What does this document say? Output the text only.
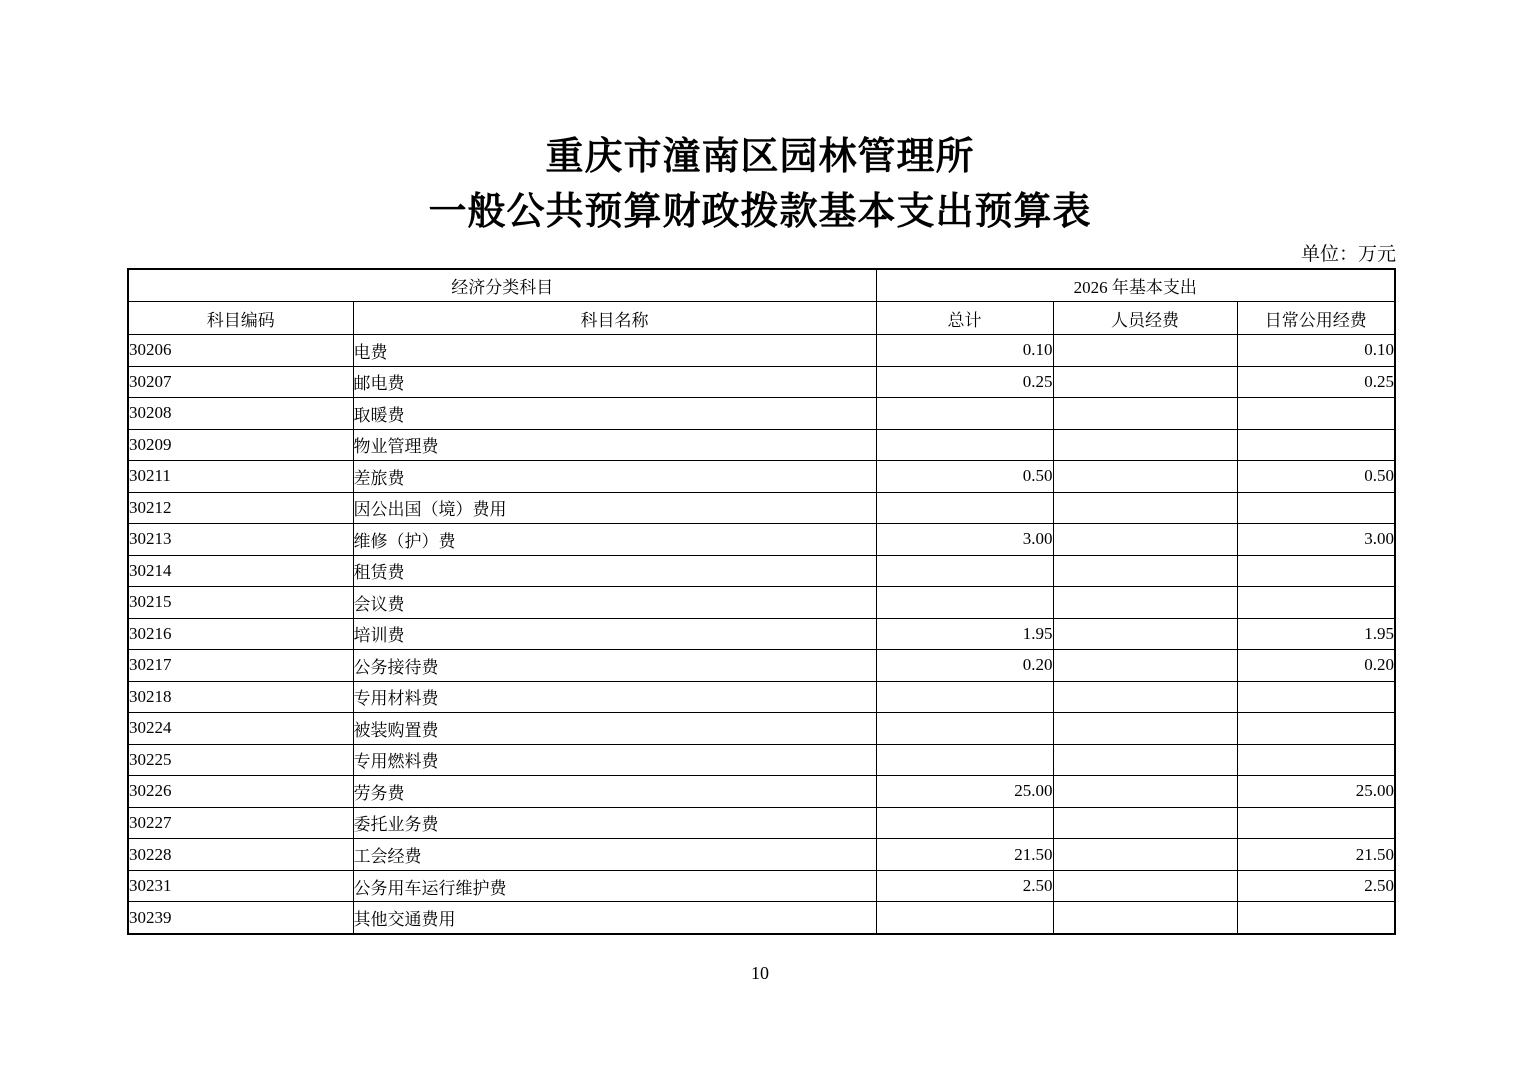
重庆市潼南区园林管理所
一般公共预算财政拨款基本支出预算表
单位：万元
经济分类科目		2026 年基本支出		
科目编码	科目名称	总计	人员经费	日常公用经费
30206	电费	0.10		0.10
30207	邮电费	0.25		0.25
30208	取暖费			
30209	物业管理费			
30211	差旅费	0.50		0.50
30212	因公出国（境）费用			
30213	维修（护）费	3.00		3.00
30214	租赁费			
30215	会议费			
30216	培训费	1.95		1.95
30217	公务接待费	0.20		0.20
30218	专用材料费			
30224	被装购置费			
30225	专用燃料费			
30226	劳务费	25.00		25.00
30227	委托业务费			
30228	工会经费	21.50		21.50
30231	公务用车运行维护费	2.50		2.50
30239	其他交通费用			
10
